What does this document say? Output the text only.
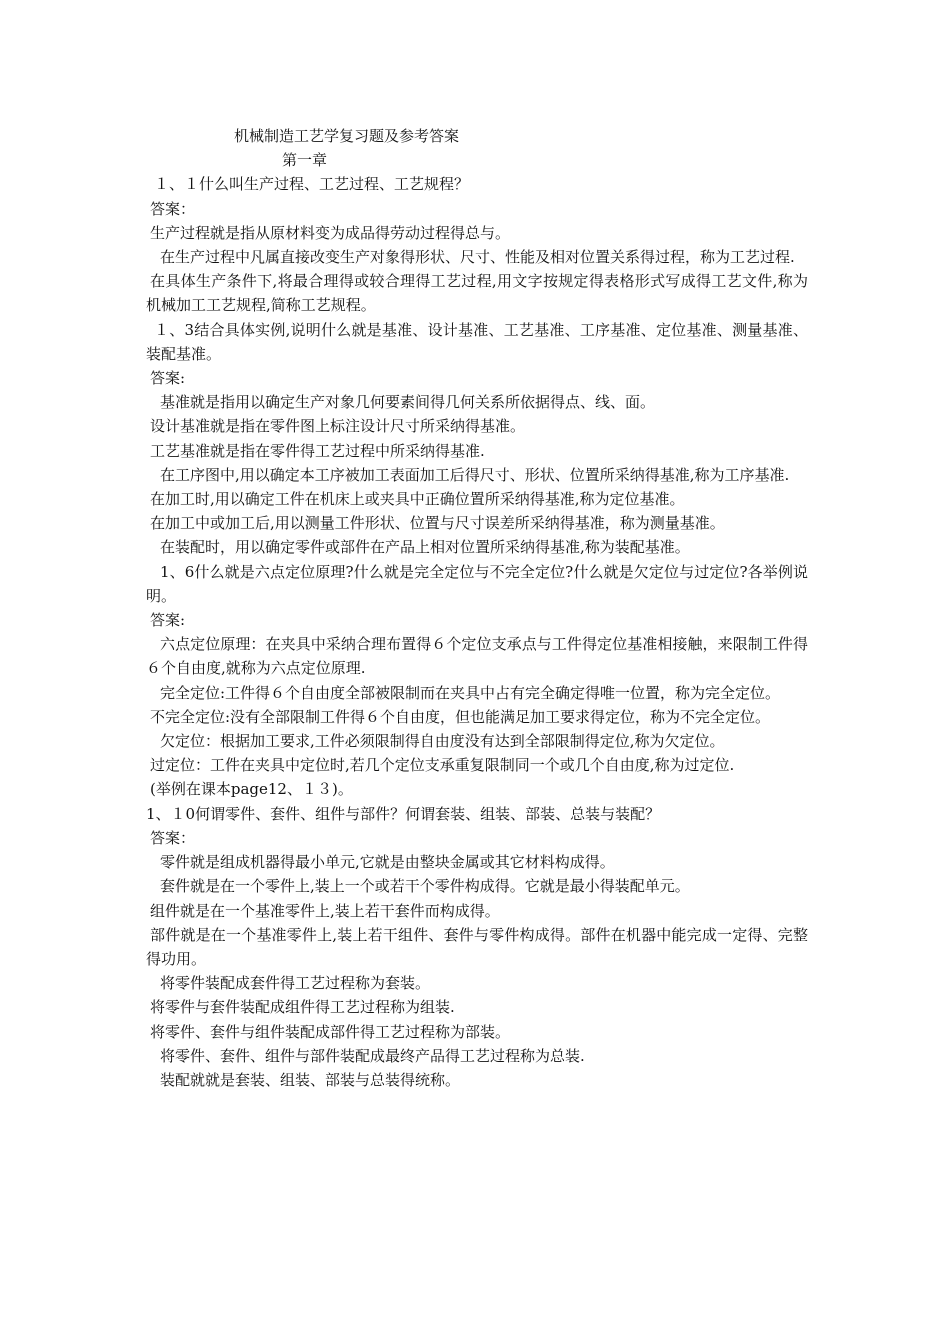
机械制造工艺学复习题及参考答案

第一章

１、１什么叫生产过程、工艺过程、工艺规程？

答案：

生产过程就是指从原材料变为成品得劳动过程得总与。

在生产过程中凡属直接改变生产对象得形状、尺寸、性能及相对位置关系得过程，称为工艺过程.

在具体生产条件下,将最合理得或较合理得工艺过程,用文字按规定得表格形式写成得工艺文件,称为机械加工工艺规程,简称工艺规程。

１、3结合具体实例,说明什么就是基准、设计基准、工艺基准、工序基准、定位基准、测量基准、装配基准。

答案:

基准就是指用以确定生产对象几何要素间得几何关系所依据得点、线、面。

设计基准就是指在零件图上标注设计尺寸所采纳得基准。

工艺基准就是指在零件得工艺过程中所采纳得基准.

在工序图中,用以确定本工序被加工表面加工后得尺寸、形状、位置所采纳得基准,称为工序基准.

在加工时,用以确定工件在机床上或夹具中正确位置所采纳得基准,称为定位基准。

在加工中或加工后,用以测量工件形状、位置与尺寸误差所采纳得基准，称为测量基准。

在装配时，用以确定零件或部件在产品上相对位置所采纳得基准,称为装配基准。

1、6什么就是六点定位原理?什么就是完全定位与不完全定位?什么就是欠定位与过定位?各举例说明。

答案:

六点定位原理：在夹具中采纳合理布置得６个定位支承点与工件得定位基准相接触，来限制工件得６个自由度,就称为六点定位原理.

完全定位:工件得６个自由度全部被限制而在夹具中占有完全确定得唯一位置，称为完全定位。

不完全定位:没有全部限制工件得６个自由度，但也能满足加工要求得定位，称为不完全定位。

欠定位：根据加工要求,工件必须限制得自由度没有达到全部限制得定位,称为欠定位。

过定位：工件在夹具中定位时,若几个定位支承重复限制同一个或几个自由度,称为过定位.

(举例在课本page12、１３)。

1、１0何谓零件、套件、组件与部件？何谓套装、组装、部装、总装与装配？

答案：

零件就是组成机器得最小单元,它就是由整块金属或其它材料构成得。

套件就是在一个零件上,装上一个或若干个零件构成得。它就是最小得装配单元。

组件就是在一个基准零件上,装上若干套件而构成得。

部件就是在一个基准零件上,装上若干组件、套件与零件构成得。部件在机器中能完成一定得、完整得功用。

将零件装配成套件得工艺过程称为套装。

将零件与套件装配成组件得工艺过程称为组装.

将零件、套件与组件装配成部件得工艺过程称为部装。

将零件、套件、组件与部件装配成最终产品得工艺过程称为总装.

装配就就是套装、组装、部装与总装得统称。
